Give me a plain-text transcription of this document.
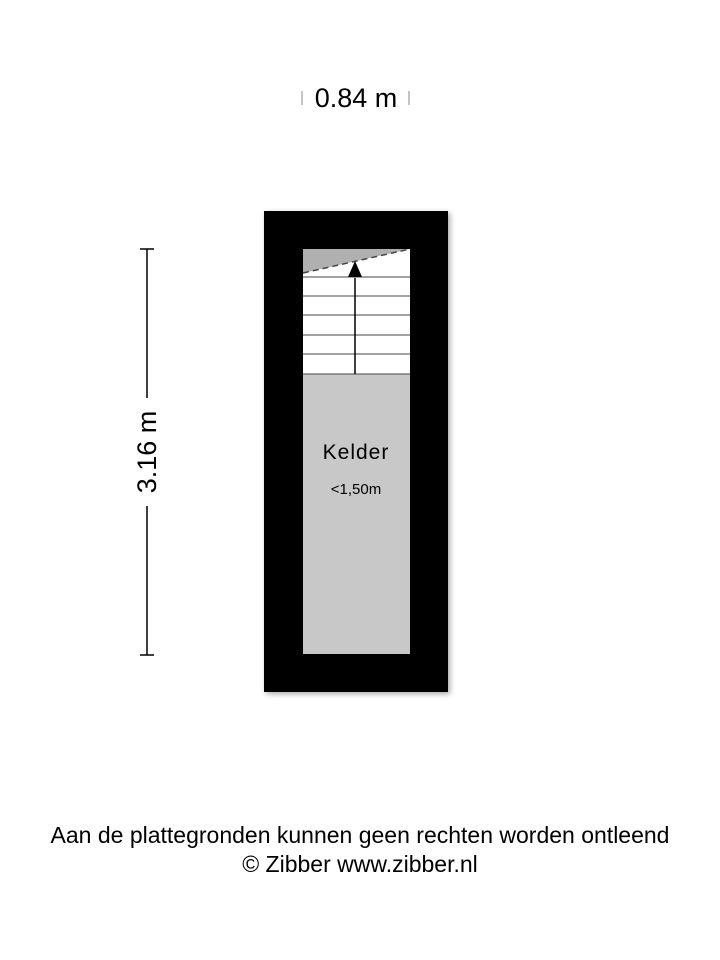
0.84 m
3.16 m	Kelder
<1,50m
Aan de plattegronden kunnen geen rechten worden ontleend
© Zibber www.zibber.nl
